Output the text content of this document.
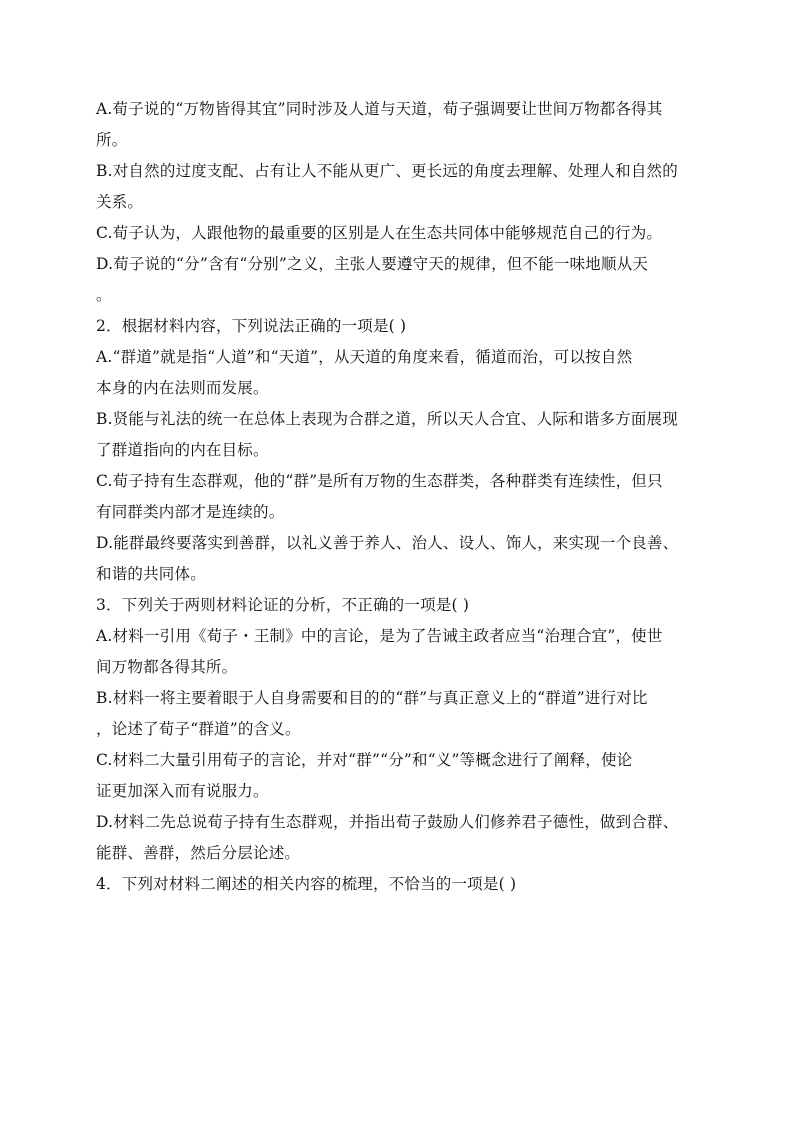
A.荀子说的“万物皆得其宜”同时涉及人道与天道，荀子强调要让世间万物都各得其
所。
B.对自然的过度支配、占有让人不能从更广、更长远的角度去理解、处理人和自然的
关系。
C.荀子认为，人跟他物的最重要的区别是人在生态共同体中能够规范自己的行为。
D.荀子说的“分”含有“分别”之义，主张人要遵守天的规律，但不能一味地顺从天
。
2．根据材料内容，下列说法正确的一项是( )
A.“群道”就是指“人道”和“天道”，从天道的角度来看，循道而治，可以按自然
本身的内在法则而发展。
B.贤能与礼法的统一在总体上表现为合群之道，所以天人合宜、人际和谐多方面展现
了群道指向的内在目标。
C.荀子持有生态群观，他的“群”是所有万物的生态群类，各种群类有连续性，但只
有同群类内部才是连续的。
D.能群最终要落实到善群，以礼义善于养人、治人、设人、饰人，来实现一个良善、
和谐的共同体。
3．下列关于两则材料论证的分析，不正确的一项是( )
A.材料一引用《荀子・王制》中的言论，是为了告诫主政者应当“治理合宜”，使世
间万物都各得其所。
B.材料一将主要着眼于人自身需要和目的的“群”与真正意义上的“群道”进行对比
，论述了荀子“群道”的含义。
C.材料二大量引用荀子的言论，并对“群”“分”和“义”等概念进行了阐释，使论
证更加深入而有说服力。
D.材料二先总说荀子持有生态群观，并指出荀子鼓励人们修养君子德性，做到合群、
能群、善群，然后分层论述。
4．下列对材料二阐述的相关内容的梳理，不恰当的一项是( )
